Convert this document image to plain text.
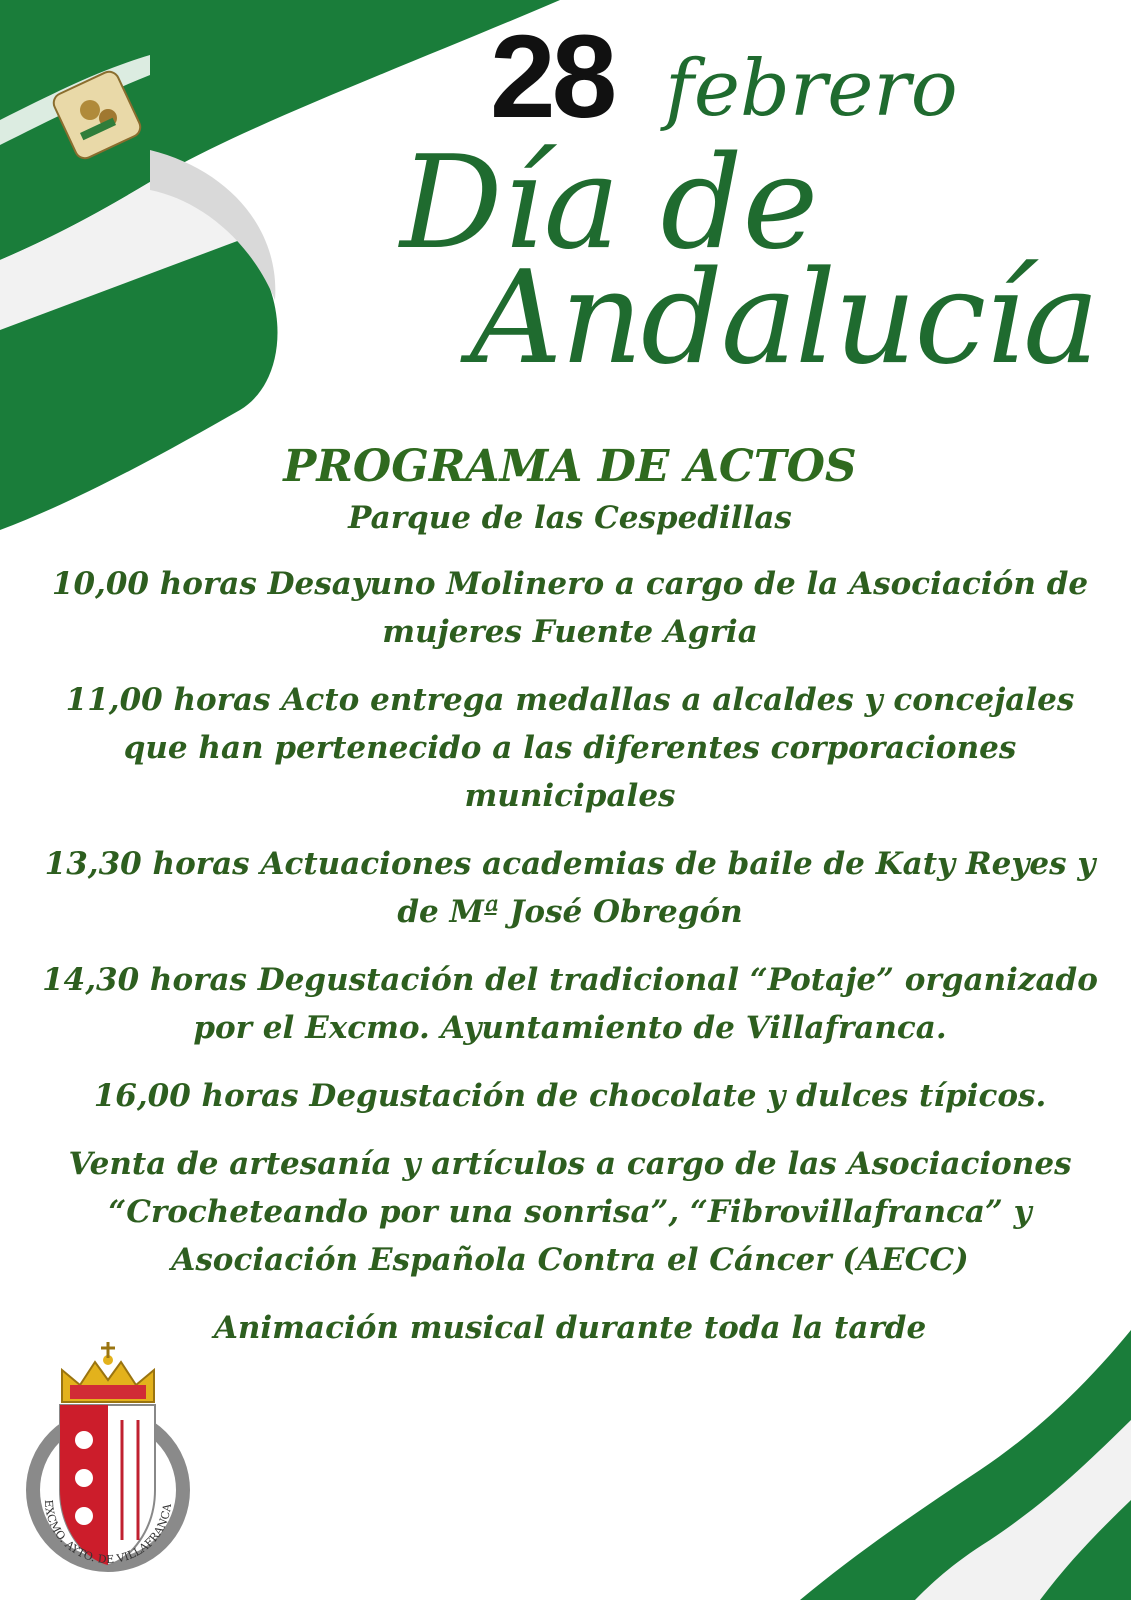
28 febrero
Día de
Andalucía

PROGRAMA DE ACTOS

Parque de las Cespedillas

10,00 horas Desayuno Molinero a cargo de la Asociación de mujeres Fuente Agria

11,00 horas Acto entrega medallas a alcaldes y concejales que han pertenecido a las diferentes corporaciones municipales

13,30 horas Actuaciones academias de baile de Katy Reyes y de Mª José Obregón

14,30 horas Degustación del tradicional “Potaje” organizado por el Excmo. Ayuntamiento de Villafranca.

16,00 horas Degustación de chocolate y dulces típicos.

Venta de artesanía y artículos a cargo de las Asociaciones “Crocheteando por una sonrisa”, “Fibrovillafranca” y Asociación Española Contra el Cáncer (AECC)

Animación musical durante toda la tarde

EXCMO. AYTO. DE VILLAFRANCA
